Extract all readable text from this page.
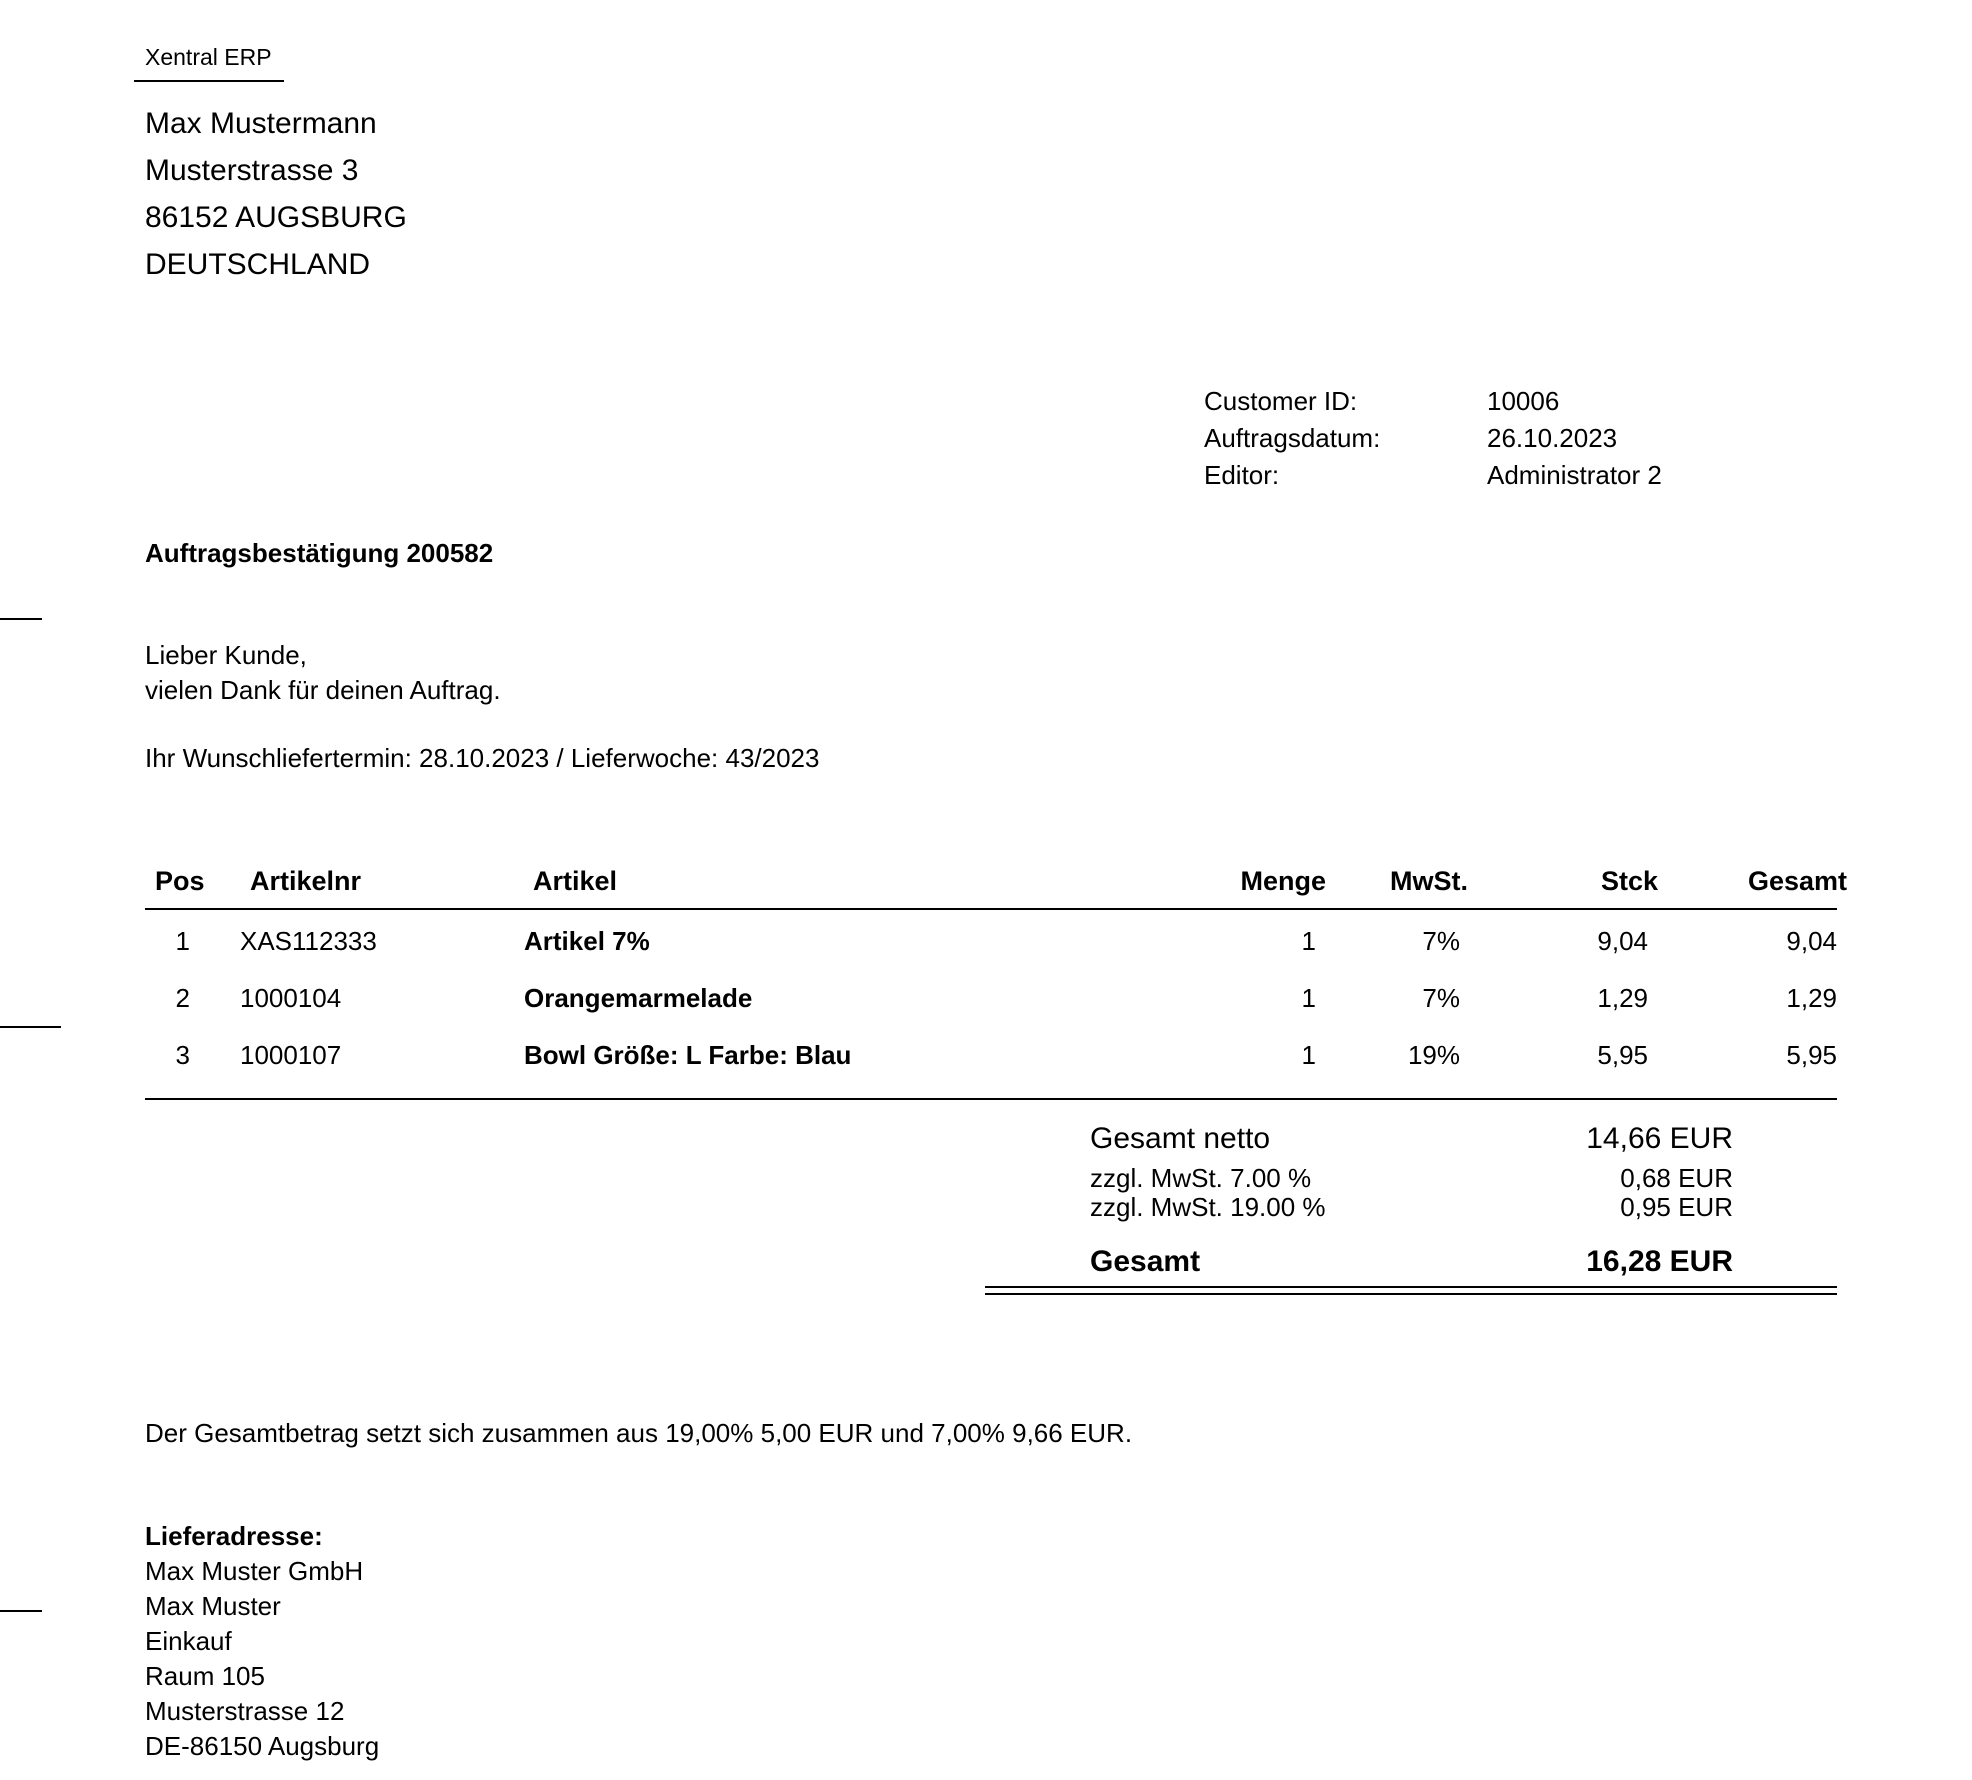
Xentral ERP
Max Mustermann
Musterstrasse 3
86152 AUGSBURG
DEUTSCHLAND
Customer ID:	10006
Auftragsdatum:	26.10.2023
Editor:	Administrator 2
Auftragsbestätigung 200582
Lieber Kunde,
vielen Dank für deinen Auftrag.
Ihr Wunschliefertermin: 28.10.2023 / Lieferwoche: 43/2023
Pos Artikelnr	Artikel	Menge	MwSt.	Stck	Gesamt
1 XAS112333	Artikel 7%	1	7%	9,04	9,04
2 1000104	Orangemarmelade	1	7%	1,29	1,29
3 1000107	Bowl Größe: L Farbe: Blau	1	19%	5,95	5,95
Gesamt netto	14,66 EUR
zzgl. MwSt. 7.00 %	0,68 EUR
zzgl. MwSt. 19.00 %	0,95 EUR
Gesamt	16,28 EUR
Der Gesamtbetrag setzt sich zusammen aus 19,00% 5,00 EUR und 7,00% 9,66 EUR.
Lieferadresse:
Max Muster GmbH
Max Muster
Einkauf
Raum 105
Musterstrasse 12
DE-86150 Augsburg
